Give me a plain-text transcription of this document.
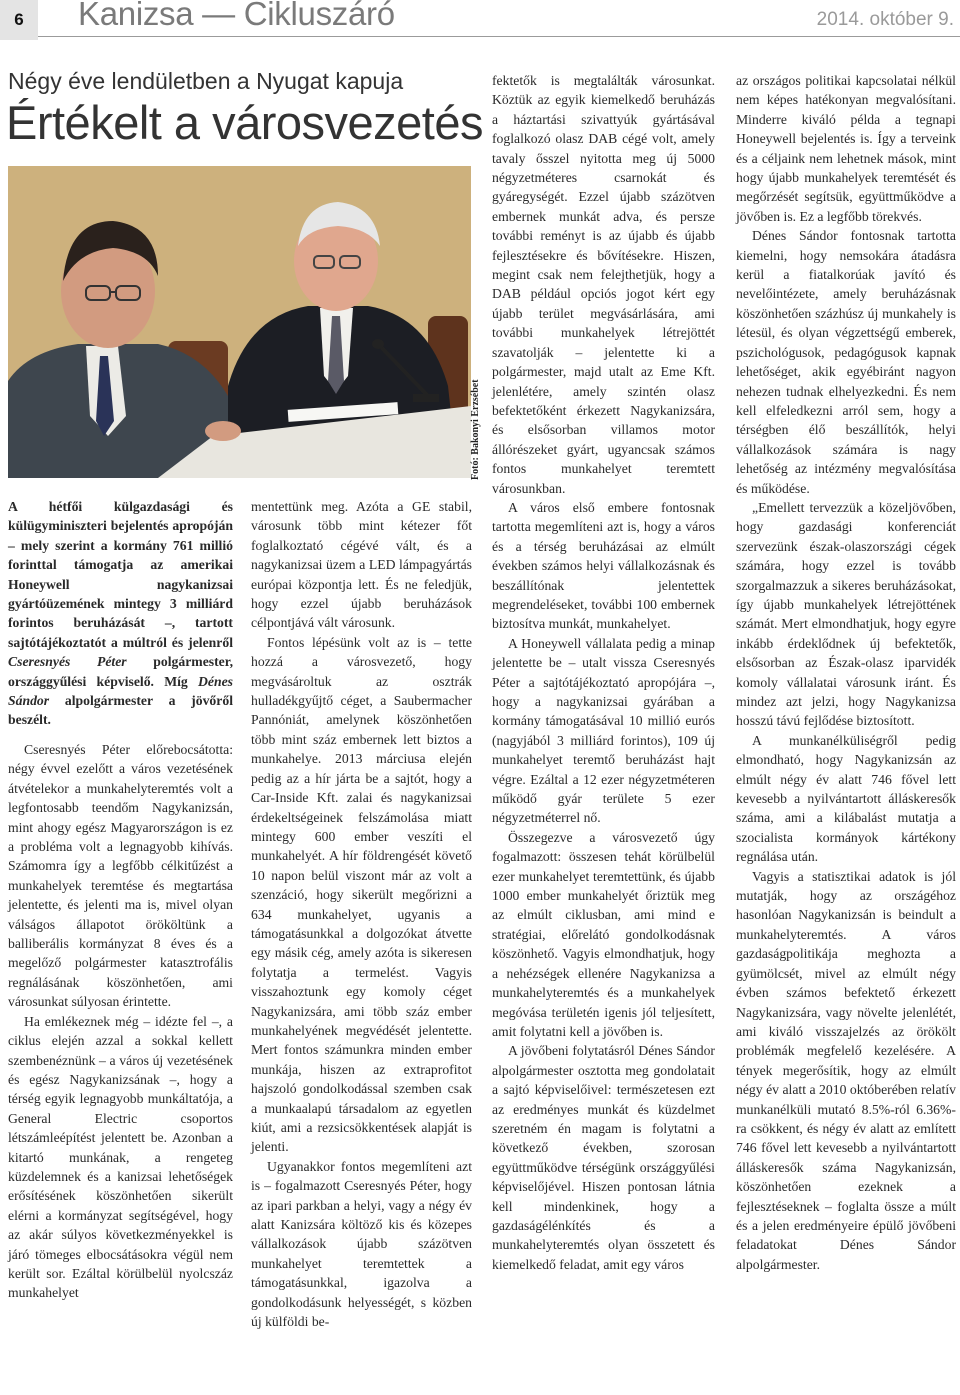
6	Kanizsa — Cikluszáró	2014. október 9.
Négy éve lendületben a Nyugat kapuja
Értékelt a városvezetés
Fotó: Bakonyi Erzsébet
A hétfői külgazdasági és külügyminiszteri bejelentés apropóján – mely szerint a kormány 761 millió forinttal támogatja az amerikai Honeywell nagykanizsai gyártóüzemének mintegy 3 milliárd forintos beruházását –, tartott sajtótájékoztatót a múltról és jelenről Cseresnyés Péter polgármester, országgyűlési képviselő. Míg Dénes Sándor alpolgármester a jövőről beszélt.

Cseresnyés Péter előrebocsátotta: négy évvel ezelőtt a város vezetésének átvételekor a munkahelyteremtés volt a legfontosabb teendőm Nagykanizsán, mint ahogy egész Magyarországon is ez a probléma volt a legnagyobb kihívás. Számomra így a legfőbb célkitűzést a munkahelyek teremtése és megtartása jelentette, és jelenti ma is, mivel olyan válságos állapotot örököltünk a balliberális kormányzat 8 éves és a megelőző polgármester katasztrofális regnálásának köszönhetően, ami városunkat súlyosan érintette.

Ha emlékeznek még – idézte fel –, a ciklus elején azzal a sokkal kellett szembenéznünk – a város új vezetésének és egész Nagykanizsának –, hogy a térség egyik legnagyobb munkáltatója, a General Electric csoportos létszámleépítést jelentett be. Azonban a kitartó munkának, a rengeteg küzdelemnek és a kanizsai lehetőségek erősítésének köszönhetően sikerült elérni a kormányzat segítségével, hogy az akár súlyos következményekkel is járó tömeges elbocsátásokra végül nem került sor. Ezáltal körülbelül nyolcszáz munkahelyet

mentettünk meg. Azóta a GE stabil, városunk több mint kétezer főt foglalkoztató cégévé vált, és a nagykanizsai üzem a LED lámpagyártás európai központja lett. És ne feledjük, hogy ezzel újabb beruházások célpontjává vált városunk.

Fontos lépésünk volt az is – tette hozzá a városvezető, hogy megvásároltuk az osztrák hulladékgyűjtő céget, a Saubermacher Pannóniát, amelynek köszönhetően több mint száz embernek lett biztos a munkahelye. 2013 márciusa elején pedig az a hír járta be a sajtót, hogy a Car-Inside Kft. zalai és nagykanizsai érdekeltségeinek felszámolása miatt mintegy 600 ember veszíti el munkahelyét. A hír földrengését követő 10 napon belül viszont már az volt a szenzáció, hogy sikerült megőrizni a 634 munkahelyet, ugyanis a támogatásunkkal a dolgozókat átvette egy másik cég, amely azóta is sikeresen folytatja a termelést. Vagyis visszahoztunk egy komoly céget Nagykanizsára, ami több száz ember munkahelyének megvédését jelentette. Mert fontos számunkra minden ember munkája, hiszen az extraprofitot hajszoló gondolkodással szemben csak a munkaalapú társadalom az egyetlen kiút, ami a rezsicsökkentések alapját is jelenti.

Ugyanakkor fontos megemlíteni azt is – fogalmazott Cseresnyés Péter, hogy az ipari parkban a helyi, vagy a négy év alatt Kanizsára költöző kis és közepes vállalkozások újabb százötven munkahelyet teremtettek a támogatásunkkal, igazolva a gondolkodásunk helyességét, s közben új külföldi be-

fektetők is megtalálták városunkat. Köztük az egyik kiemelkedő beruházás a háztartási szivattyúk gyártásával foglalkozó olasz DAB cégé volt, amely tavaly ősszel nyitotta meg új 5000 négyzetméteres csarnokát és gyáregységét. Ezzel újabb százötven embernek munkát adva, és persze további reményt is az újabb és újabb fejlesztésekre és bővítésekre. Hiszen, megint csak nem felejthetjük, hogy a DAB például opciós jogot kért egy újabb terület megvásárlására, ami további munkahelyek létrejöttét szavatolják – jelentette ki a polgármester, majd utalt az Eme Kft. jelenlétére, amely szintén olasz befektetőként érkezett Nagykanizsára, és elsősorban villamos motor állórészeket gyárt, ugyancsak számos fontos munkahelyet teremtett városunkban.

A város első embere fontosnak tartotta megemlíteni azt is, hogy a város és a térség beruházásai az elmúlt években számos helyi vállalkozásnak és beszállítónak jelentettek megrendeléseket, további 100 embernek biztosítva munkát, munkahelyet.

A Honeywell vállalata pedig a minap jelentette be – utalt vissza Cseresnyés Péter a sajtótájékoztató apropójára –, hogy a nagykanizsai gyárában a kormány támogatásával 10 millió eurós (nagyjából 3 milliárd forintos), 109 új munkahelyet teremtő beruházást hajt végre. Ezáltal a 12 ezer négyzetméteren működő gyár területe 5 ezer négyzetméterrel nő.

Összegezve a városvezető úgy fogalmazott: összesen tehát körülbelül ezer munkahelyet teremtettünk, és újabb 1000 ember munkahelyét őriztük meg az elmúlt ciklusban, ami mind e stratégiai, előrelátó gondolkodásnak köszönhető. Vagyis elmondhatjuk, hogy a nehézségek ellenére Nagykanizsa a munkahelyteremtés és a munkahelyek megóvása területén igenis jól teljesített, amit folytatni kell a jövőben is.

A jövőbeni folytatásról Dénes Sándor alpolgármester osztotta meg gondolatait a sajtó képviselőivel: természetesen ezt az eredményes munkát és küzdelmet szeretném én magam is folytatni a következő években, szorosan együttműködve térségünk országgyűlési képviselőjével. Hiszen pontosan látnia kell mindenkinek, hogy a gazdaságélénkítés és a munkahelyteremtés olyan összetett és kiemelkedő feladat, amit egy város

az országos politikai kapcsolatai nélkül nem képes hatékonyan megvalósítani. Minderre kiváló példa a tegnapi Honeywell bejelentés is. Így a terveink és a céljaink nem lehetnek mások, mint hogy újabb munkahelyek teremtését és megőrzését segítsük, együttműködve a jövőben is. Ez a legfőbb törekvés.

Dénes Sándor fontosnak tartotta kiemelni, hogy nemsokára átadásra kerül a fiatalkorúak javító és nevelőintézete, amely beruházásnak köszönhetően százhúsz új munkahely is létesül, és olyan végzettségű emberek, pszichológusok, pedagógusok kapnak lehetőséget, akik egyébiránt nagyon nehezen tudnak elhelyezkedni. És nem kell elfeledkezni arról sem, hogy a térségben élő beszállítók, helyi vállalkozások számára is nagy lehetőség az intézmény megvalósítása és működése.

„Emellett tervezzük a közeljövőben, hogy gazdasági konferenciát szervezünk észak-olaszországi cégek számára, hogy ezzel is tovább szorgalmazzuk a sikeres beruházásokat, így újabb munkahelyek létrejöttének számát. Mert elmondhatjuk, hogy egyre inkább érdeklődnek új befektetők, elsősorban az Észak-olasz iparvidék komoly vállalatai városunk iránt. És mindez azt jelzi, hogy Nagykanizsa hosszú távú fejlődése biztosított.

A munkanélküliségről pedig elmondható, hogy Nagykanizsán az elmúlt négy év alatt 746 fővel lett kevesebb a nyilvántartott álláskeresők száma, ami a kilábalást mutatja a szocialista kormányok kártékony regnálása után.

Vagyis a statisztikai adatok is jól mutatják, hogy az országéhoz hasonlóan Nagykanizsán is beindult a munkahelyteremtés. A város gazdaságpolitikája meghozta a gyümölcsét, mivel az elmúlt négy évben számos befektető érkezett Nagykanizsára, vagy növelte jelenlétét, ami kiváló visszajelzés az örökölt problémák megfelelő kezelésére. A tények megerősítik, hogy az elmúlt négy év alatt a 2010 októberében relatív munkanélküli mutató 8.5%-ról 6.36%-ra csökkent, és négy év alatt az említett 746 fővel lett kevesebb a nyilvántartott álláskeresők száma Nagykanizsán, köszönhetően ezeknek a fejlesztéseknek – foglalta össze a múlt és a jelen eredményeire épülő jövőbeni feladatokat Dénes Sándor alpolgármester.
